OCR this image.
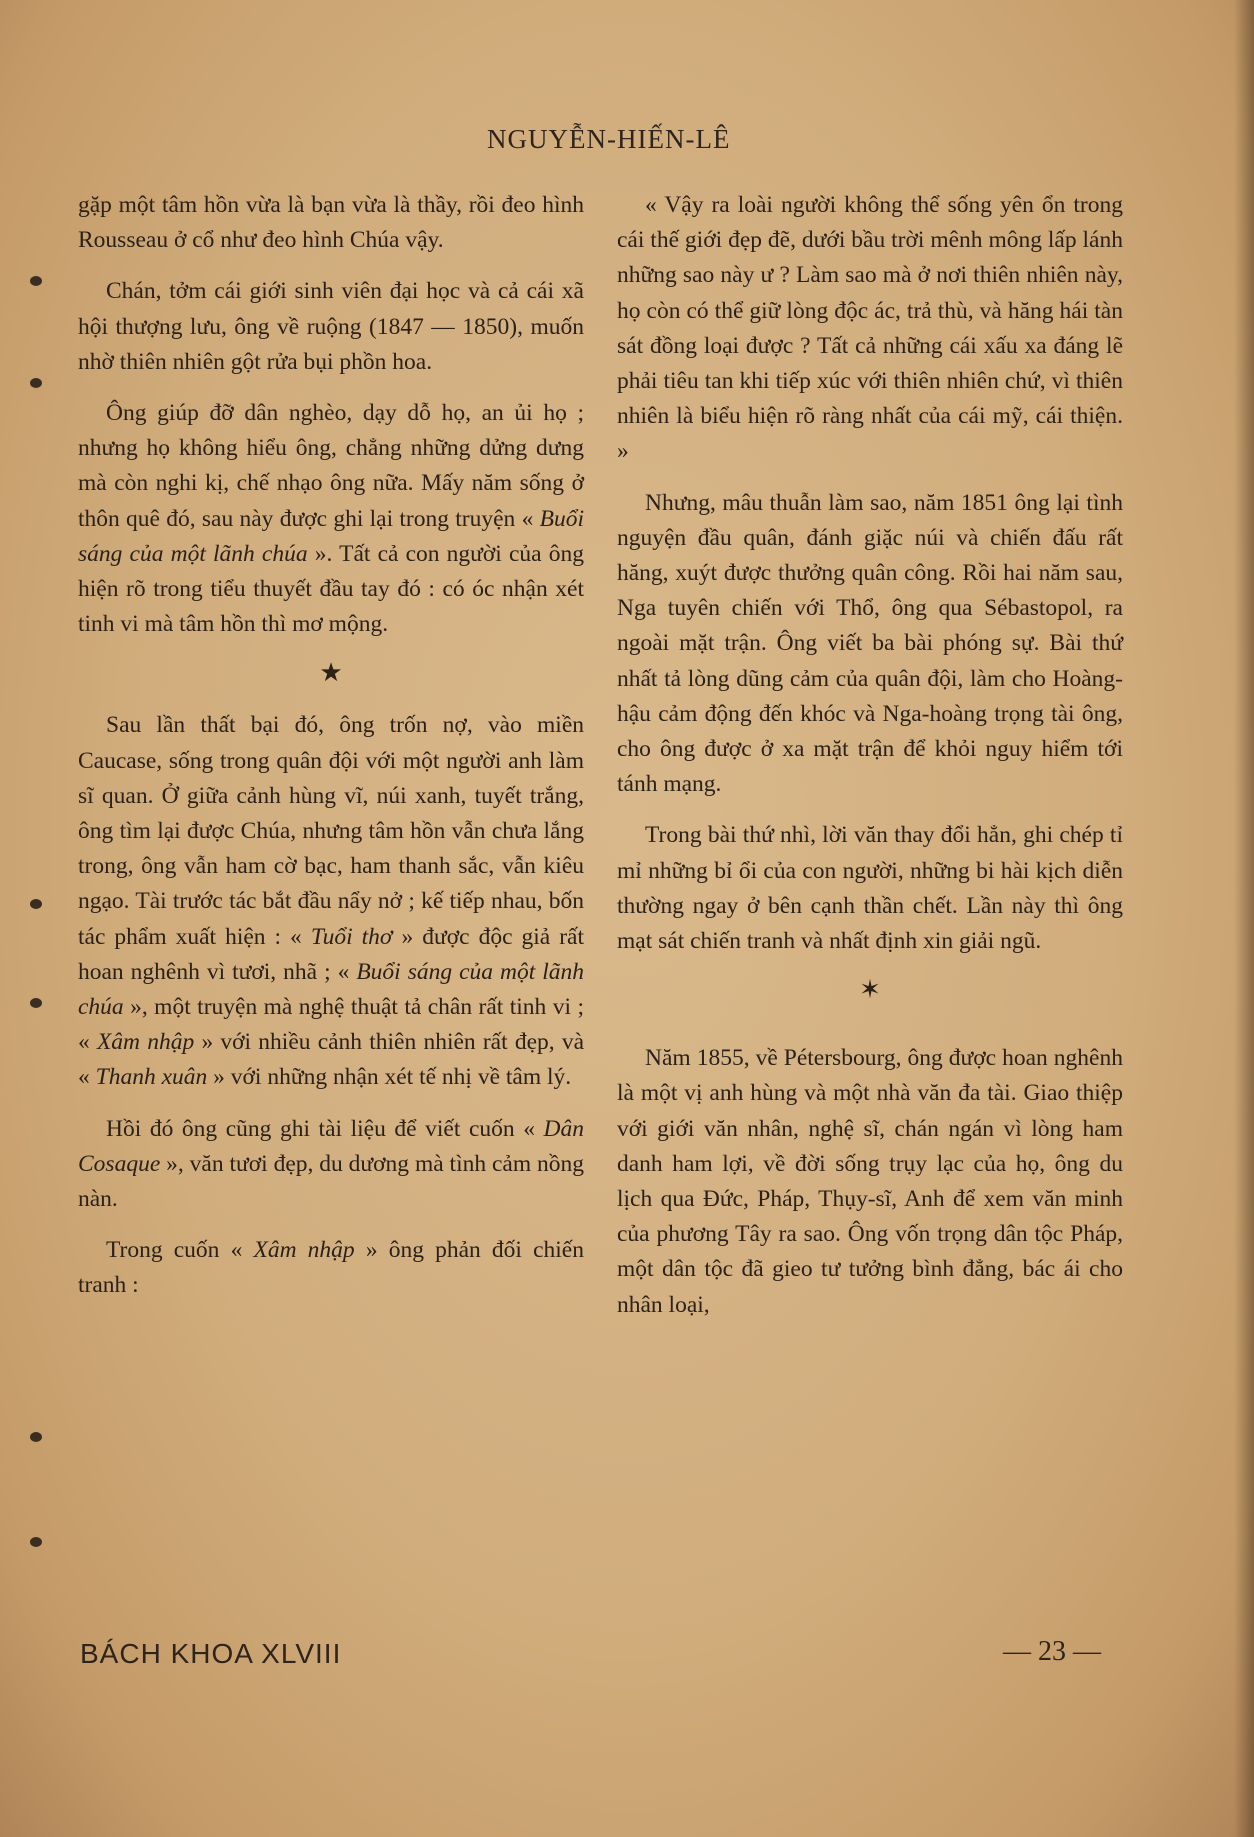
NGUYỄN-HIẾN-LÊ

gặp một tâm hồn vừa là bạn vừa là thầy, rồi đeo hình Rousseau ở cổ như đeo hình Chúa vậy.

Chán, tởm cái giới sinh viên đại học và cả cái xã hội thượng lưu, ông về ruộng (1847 — 1850), muốn nhờ thiên nhiên gột rửa bụi phồn hoa.

Ông giúp đỡ dân nghèo, dạy dỗ họ, an ủi họ ; nhưng họ không hiểu ông, chẳng những dửng dưng mà còn nghi kị, chế nhạo ông nữa. Mấy năm sống ở thôn quê đó, sau này được ghi lại trong truyện « Buổi sáng của một lãnh chúa ». Tất cả con người của ông hiện rõ trong tiểu thuyết đầu tay đó : có óc nhận xét tinh vi mà tâm hồn thì mơ mộng.

★

Sau lần thất bại đó, ông trốn nợ, vào miền Caucase, sống trong quân đội với một người anh làm sĩ quan. Ở giữa cảnh hùng vĩ, núi xanh, tuyết trắng, ông tìm lại được Chúa, nhưng tâm hồn vẫn chưa lắng trong, ông vẫn ham cờ bạc, ham thanh sắc, vẫn kiêu ngạo. Tài trước tác bắt đầu nẩy nở ; kế tiếp nhau, bốn tác phẩm xuất hiện : « Tuổi thơ » được độc giả rất hoan nghênh vì tươi, nhã ; « Buổi sáng của một lãnh chúa », một truyện mà nghệ thuật tả chân rất tinh vi ; « Xâm nhập » với nhiều cảnh thiên nhiên rất đẹp, và « Thanh xuân » với những nhận xét tế nhị về tâm lý.

Hồi đó ông cũng ghi tài liệu để viết cuốn « Dân Cosaque », văn tươi đẹp, du dương mà tình cảm nồng nàn.

Trong cuốn « Xâm nhập » ông phản đối chiến tranh :

« Vậy ra loài người không thể sống yên ổn trong cái thế giới đẹp đẽ, dưới bầu trời mênh mông lấp lánh những sao này ư ? Làm sao mà ở nơi thiên nhiên này, họ còn có thể giữ lòng độc ác, trả thù, và hăng hái tàn sát đồng loại được ? Tất cả những cái xấu xa đáng lẽ phải tiêu tan khi tiếp xúc với thiên nhiên chứ, vì thiên nhiên là biểu hiện rõ ràng nhất của cái mỹ, cái thiện. »

Nhưng, mâu thuẫn làm sao, năm 1851 ông lại tình nguyện đầu quân, đánh giặc núi và chiến đấu rất hăng, xuýt được thưởng quân công. Rồi hai năm sau, Nga tuyên chiến với Thổ, ông qua Sébastopol, ra ngoài mặt trận. Ông viết ba bài phóng sự. Bài thứ nhất tả lòng dũng cảm của quân đội, làm cho Hoàng-hậu cảm động đến khóc và Nga-hoàng trọng tài ông, cho ông được ở xa mặt trận để khỏi nguy hiểm tới tánh mạng.

Trong bài thứ nhì, lời văn thay đổi hẳn, ghi chép tỉ mỉ những bỉ ổi của con người, những bi hài kịch diễn thường ngay ở bên cạnh thần chết. Lần này thì ông mạt sát chiến tranh và nhất định xin giải ngũ.

✶

Năm 1855, về Pétersbourg, ông được hoan nghênh là một vị anh hùng và một nhà văn đa tài. Giao thiệp với giới văn nhân, nghệ sĩ, chán ngán vì lòng ham danh ham lợi, về đời sống trụy lạc của họ, ông du lịch qua Đức, Pháp, Thụy-sĩ, Anh để xem văn minh của phương Tây ra sao. Ông vốn trọng dân tộc Pháp, một dân tộc đã gieo tư tưởng bình đẳng, bác ái cho nhân loại,

BÁCH KHOA XLVIII	— 23 —
